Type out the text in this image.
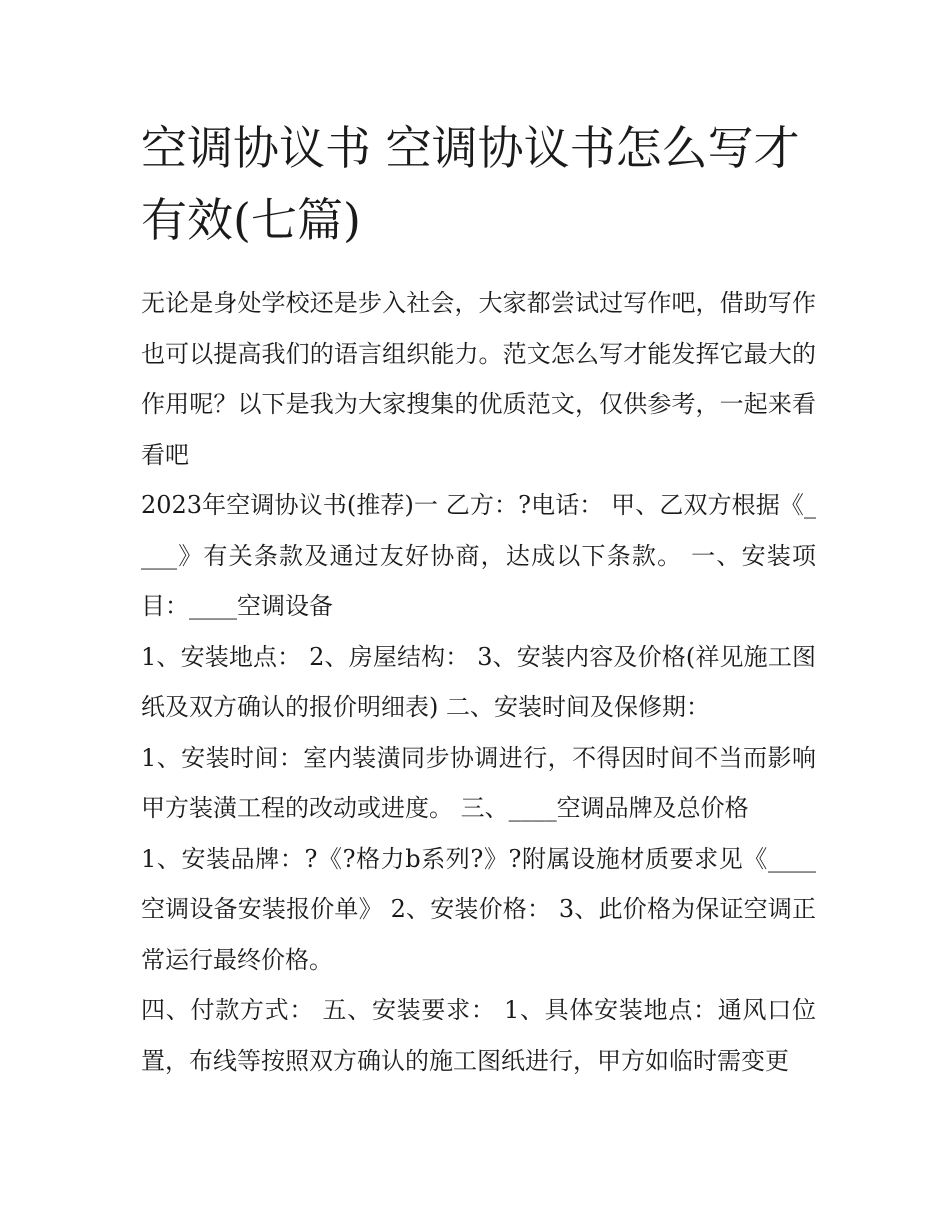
空调协议书 空调协议书怎么写才有效(七篇)

无论是身处学校还是步入社会，大家都尝试过写作吧，借助写作也可以提高我们的语言组织能力。范文怎么写才能发挥它最大的作用呢？以下是我为大家搜集的优质范文，仅供参考，一起来看看吧

2023年空调协议书(推荐)一 乙方：?电话： 甲、乙双方根据《____》有关条款及通过友好协商，达成以下条款。 一、安装项目：____空调设备

1、安装地点： 2、房屋结构： 3、安装内容及价格(祥见施工图纸及双方确认的报价明细表) 二、安装时间及保修期：

1、安装时间：室内装潢同步协调进行，不得因时间不当而影响甲方装潢工程的改动或进度。 三、____空调品牌及总价格

1、安装品牌：?《?格力b系列?》?附属设施材质要求见《____空调设备安装报价单》 2、安装价格： 3、此价格为保证空调正常运行最终价格。

四、付款方式： 五、安装要求： 1、具体安装地点：通风口位置，布线等按照双方确认的施工图纸进行，甲方如临时需变更
